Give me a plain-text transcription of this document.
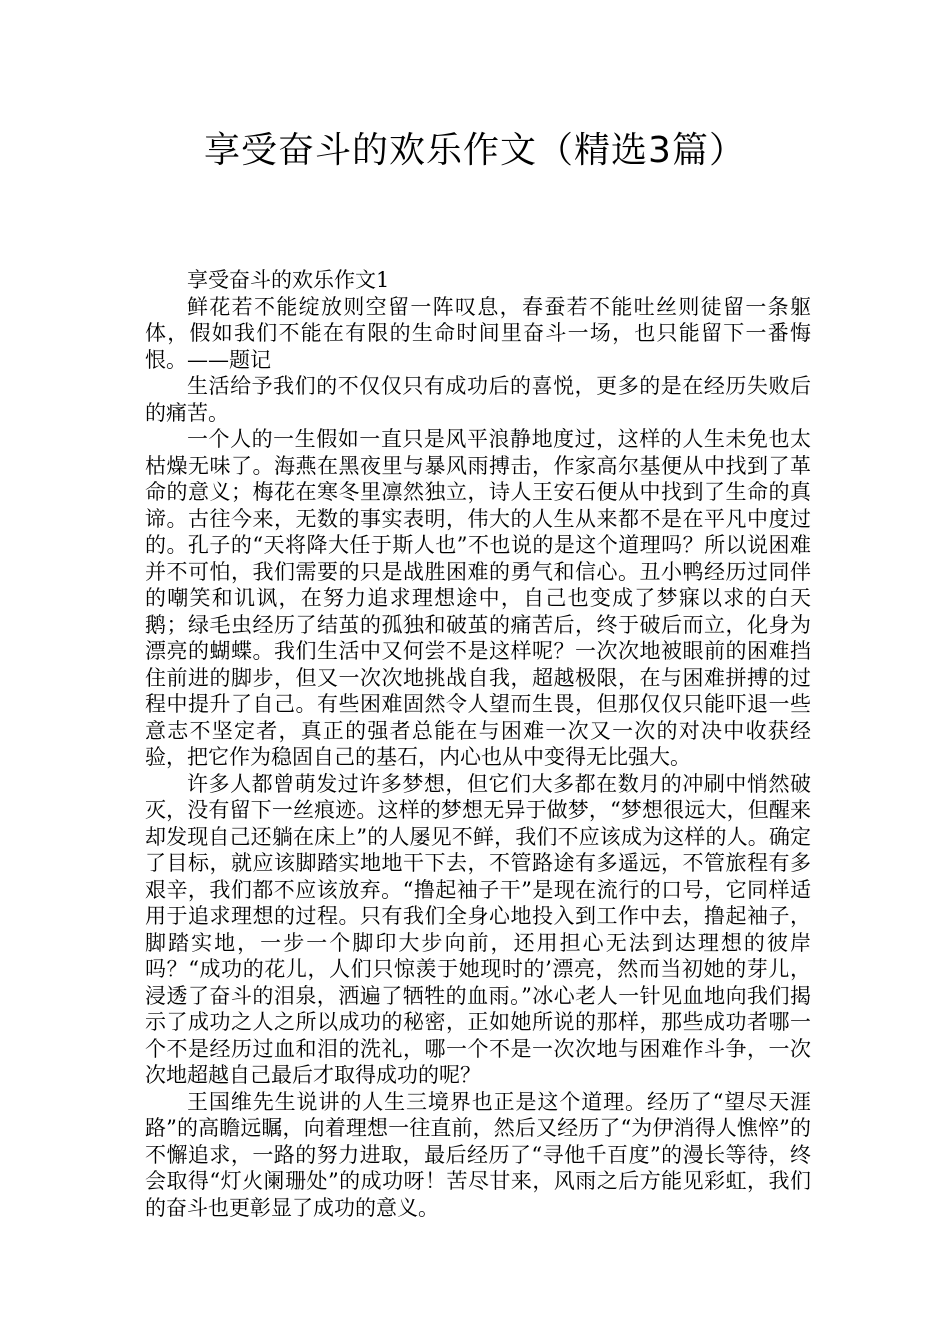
享受奋斗的欢乐作文（精选3篇）

享受奋斗的欢乐作文1

鲜花若不能绽放则空留一阵叹息，春蚕若不能吐丝则徒留一条躯体，假如我们不能在有限的生命时间里奋斗一场，也只能留下一番悔恨。——题记

生活给予我们的不仅仅只有成功后的喜悦，更多的是在经历失败后的痛苦。

一个人的一生假如一直只是风平浪静地度过，这样的人生未免也太枯燥无味了。海燕在黑夜里与暴风雨搏击，作家高尔基便从中找到了革命的意义；梅花在寒冬里凛然独立，诗人王安石便从中找到了生命的真谛。古往今来，无数的事实表明，伟大的人生从来都不是在平凡中度过的。孔子的“天将降大任于斯人也”不也说的是这个道理吗？所以说困难并不可怕，我们需要的只是战胜困难的勇气和信心。丑小鸭经历过同伴的嘲笑和讥讽，在努力追求理想途中，自己也变成了梦寐以求的白天鹅；绿毛虫经历了结茧的孤独和破茧的痛苦后，终于破后而立，化身为漂亮的蝴蝶。我们生活中又何尝不是这样呢？一次次地被眼前的困难挡住前进的脚步，但又一次次地挑战自我，超越极限，在与困难拼搏的过程中提升了自己。有些困难固然令人望而生畏，但那仅仅只能吓退一些意志不坚定者，真正的强者总能在与困难一次又一次的对决中收获经验，把它作为稳固自己的基石，内心也从中变得无比强大。

许多人都曾萌发过许多梦想，但它们大多都在数月的冲刷中悄然破灭，没有留下一丝痕迹。这样的梦想无异于做梦，“梦想很远大，但醒来却发现自己还躺在床上”的人屡见不鲜，我们不应该成为这样的人。确定了目标，就应该脚踏实地地干下去，不管路途有多遥远，不管旅程有多艰辛，我们都不应该放弃。“撸起袖子干”是现在流行的口号，它同样适用于追求理想的过程。只有我们全身心地投入到工作中去，撸起袖子，脚踏实地，一步一个脚印大步向前，还用担心无法到达理想的彼岸吗？“成功的花儿，人们只惊羡于她现时的’漂亮，然而当初她的芽儿，浸透了奋斗的泪泉，洒遍了牺牲的血雨。”冰心老人一针见血地向我们揭示了成功之人之所以成功的秘密，正如她所说的那样，那些成功者哪一个不是经历过血和泪的洗礼，哪一个不是一次次地与困难作斗争，一次次地超越自己最后才取得成功的呢？

王国维先生说讲的人生三境界也正是这个道理。经历了“望尽天涯路”的高瞻远瞩，向着理想一往直前，然后又经历了“为伊消得人憔悴”的不懈追求，一路的努力进取，最后经历了“寻他千百度”的漫长等待，终会取得“灯火阑珊处”的成功呀！苦尽甘来，风雨之后方能见彩虹，我们的奋斗也更彰显了成功的意义。
